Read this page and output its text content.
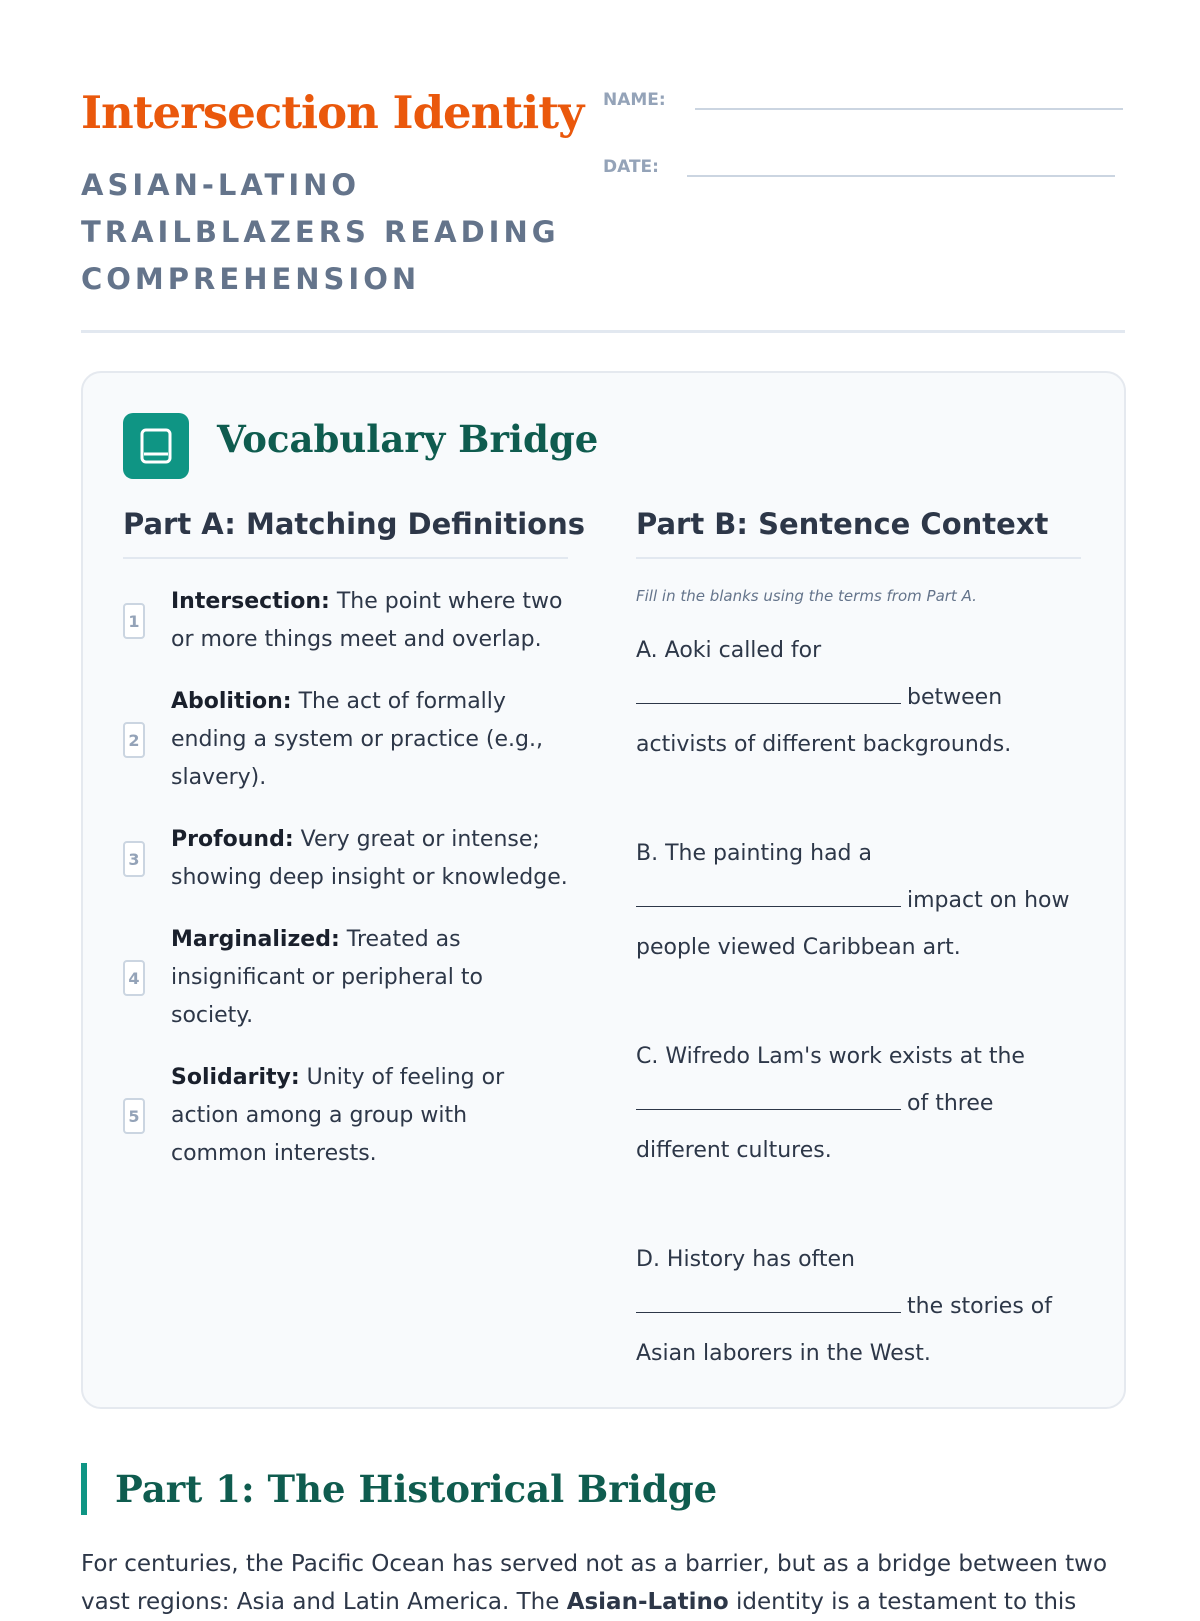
Intersection Identity
ASIAN-LATINO TRAILBLAZERS READING COMPREHENSION
NAME:
DATE:
Vocabulary Bridge
Part A: Matching Definitions
1
Intersection: The point where two or more things meet and overlap.
2
Abolition: The act of formally ending a system or practice (e.g., slavery).
3
Profound: Very great or intense; showing deep insight or knowledge.
4
Marginalized: Treated as insignificant or peripheral to society.
5
Solidarity: Unity of feeling or action among a group with common interests.
Part B: Sentence Context
Fill in the blanks using the terms from Part A.
A. Aoki called for
between activists of different backgrounds.
B. The painting had a
impact on how people viewed Caribbean art.
C. Wifredo Lam's work exists at the
of three different cultures.
D. History has often
the stories of Asian laborers in the West.
Part 1: The Historical Bridge
For centuries, the Pacific Ocean has served not as a barrier, but as a bridge between two vast regions: Asia and Latin America. The Asian-Latino identity is a testament to this
